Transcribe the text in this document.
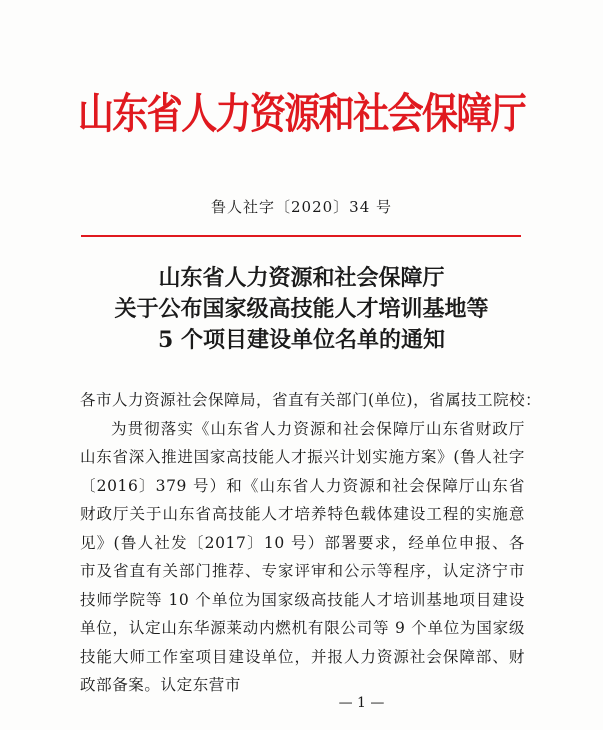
山东省人力资源和社会保障厅
鲁人社字〔2020〕34 号
山东省人力资源和社会保障厅
关于公布国家级高技能人才培训基地等
5 个项目建设单位名单的通知
各市人力资源社会保障局，省直有关部门(单位)，省属技工院校：

为贯彻落实《山东省人力资源和社会保障厅山东省财政厅山东省深入推进国家高技能人才振兴计划实施方案》(鲁人社字〔2016〕379 号）和《山东省人力资源和社会保障厅山东省财政厅关于山东省高技能人才培养特色载体建设工程的实施意见》(鲁人社发〔2017〕10 号）部署要求，经单位申报、各市及省直有关部门推荐、专家评审和公示等程序，认定济宁市技师学院等 10 个单位为国家级高技能人才培训基地项目建设单位，认定山东华源莱动内燃机有限公司等 9 个单位为国家级技能大师工作室项目建设单位，并报人力资源社会保障部、财政部备案。认定东营市

— 1 —
